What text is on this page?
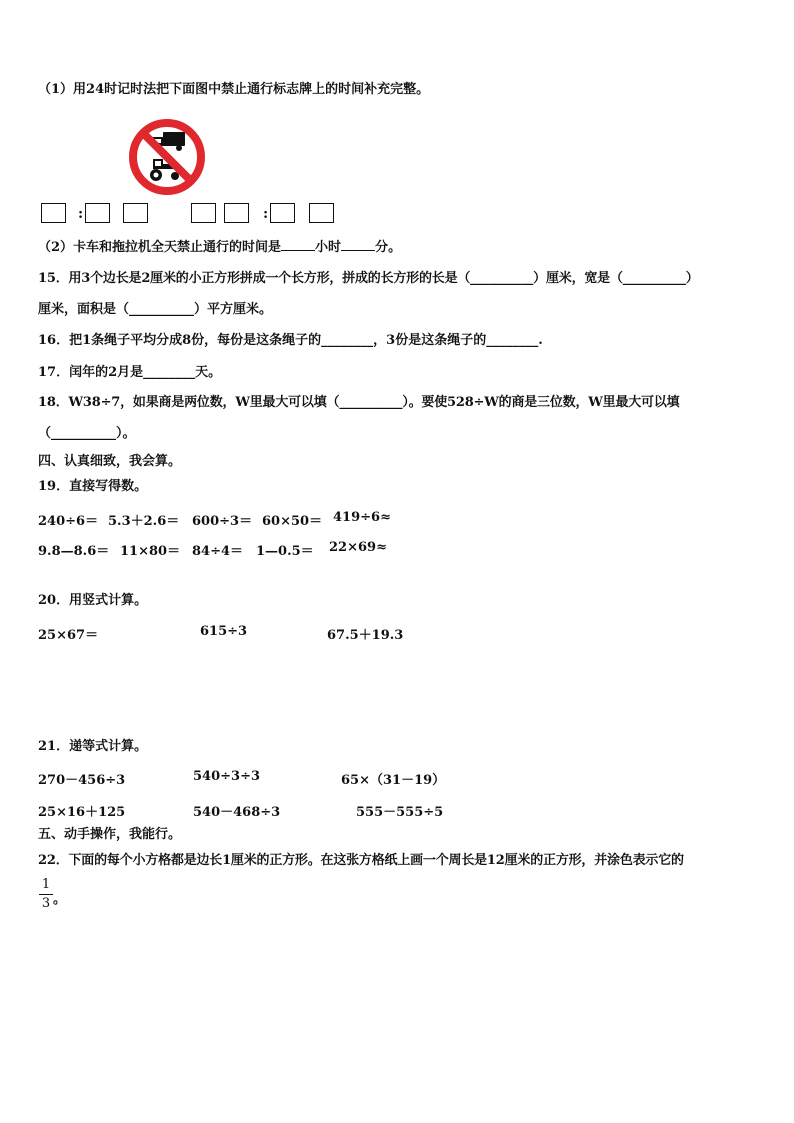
（1）用24时记时法把下面图中禁止通行标志牌上的时间补充完整。
:	:
（2）卡车和拖拉机全天禁止通行的时间是	小时	分。
15．用3个边长是2厘米的小正方形拼成一个长方形，拼成的长方形的长是（__________）厘米，宽是（__________）
厘米，面积是（__________）平方厘米。
16．把1条绳子平均分成8份，每份是这条绳子的________，3份是这条绳子的________.
17．闰年的2月是________天。
18．W38÷7，如果商是两位数，W里最大可以填（__________）。要使528÷W的商是三位数，W里最大可以填
（__________）。
四、认真细致，我会算。
19．直接写得数。
240÷6＝ 5.3＋2.6＝ 600÷3＝ 60×50＝ 419÷6≈
9.8—8.6＝ 11×80＝ 84÷4＝ 1—0.5＝ 22×69≈
20．用竖式计算。
25×67＝	615÷3	67.5＋19.3
21．递等式计算。
270－456÷3	540÷3÷3	65×（31－19）
25×16＋125	540－468÷3	555－555÷5
五、动手操作，我能行。
22．下面的每个小方格都是边长1厘米的正方形。在这张方格纸上画一个周长是12厘米的正方形，并涂色表示它的
1
3 。
